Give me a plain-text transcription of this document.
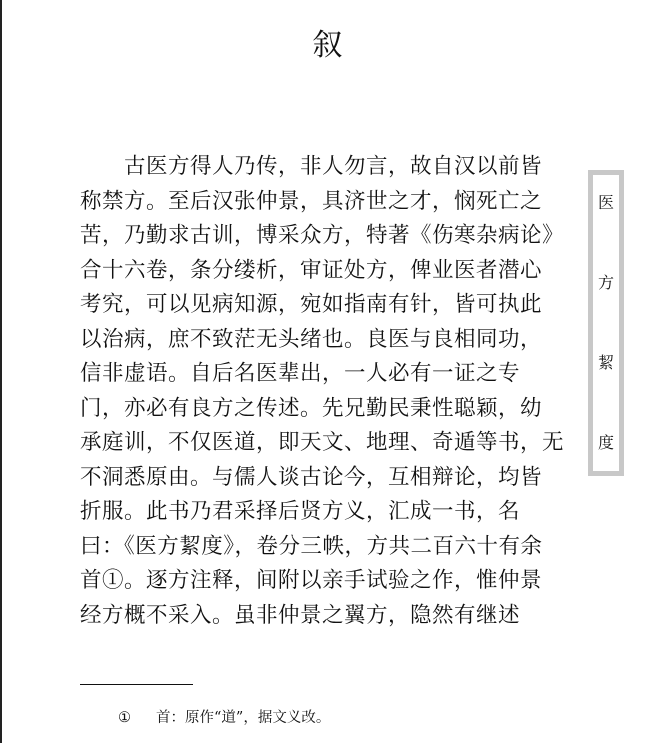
叙
古医方得人乃传，非人勿言，故自汉以前皆
称禁方。至后汉张仲景，具济世之才，悯死亡之
苦，乃勤求古训，博采众方，特著《伤寒杂病论》
合十六卷，条分缕析，审证处方，俾业医者潜心
考究，可以见病知源，宛如指南有针，皆可执此
以治病，庶不致茫无头绪也。良医与良相同功，
信非虚语。自后名医辈出，一人必有一证之专
门，亦必有良方之传述。先兄勤民秉性聪颖，幼
承庭训，不仅医道，即天文、地理、奇遁等书，无
不洞悉原由。与儒人谈古论今，互相辩论，均皆
折服。此书乃君采择后贤方义，汇成一书，名
曰：《医方絜度》，卷分三帙，方共二百六十有余
首①。逐方注释，间附以亲手试验之作，惟仲景
经方概不采入。虽非仲景之翼方，隐然有继述
医
方
絜
度
① 首：原作“道”，据文义改。
